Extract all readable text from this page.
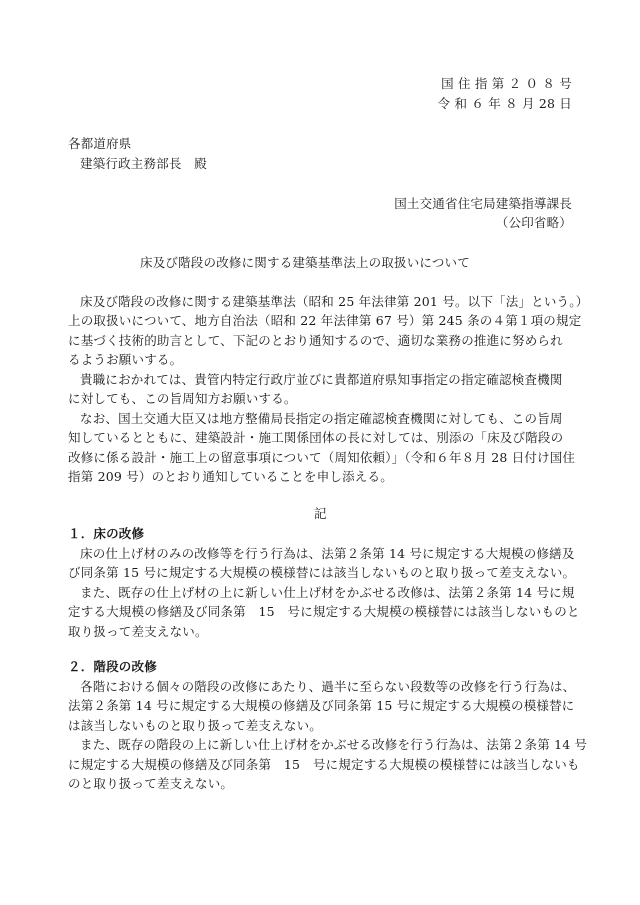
国 住 指 第 ２ ０ ８ 号
令 和 ６ 年 ８ 月 28 日
各都道府県
建築行政主務部長　殿
国土交通省住宅局建築指導課長
（公印省略）
床及び階段の改修に関する建築基準法上の取扱いについて
床及び階段の改修に関する建築基準法（昭和 25 年法律第 201 号。以下「法」という。）
上の取扱いについて、地方自治法（昭和 22 年法律第 67 号）第 245 条の４第１項の規定
に基づく技術的助言として、下記のとおり通知するので、適切な業務の推進に努められ
るようお願いする。
貴職におかれては、貴管内特定行政庁並びに貴都道府県知事指定の指定確認検査機関
に対しても、この旨周知方お願いする。
なお、国土交通大臣又は地方整備局長指定の指定確認検査機関に対しても、この旨周
知しているとともに、建築設計・施工関係団体の長に対しては、別添の「床及び階段の
改修に係る設計・施工上の留意事項について（周知依頼）」（令和６年８月 28 日付け国住
指第 209 号）のとおり通知していることを申し添える。
記
１．床の改修
床の仕上げ材のみの改修等を行う行為は、法第２条第 14 号に規定する大規模の修繕及
び同条第 15 号に規定する大規模の模様替には該当しないものと取り扱って差支えない。
また、既存の仕上げ材の上に新しい仕上げ材をかぶせる改修は、法第２条第 14 号に規
定する大規模の修繕及び同条第　15　号に規定する大規模の模様替には該当しないものと
取り扱って差支えない。
２．階段の改修
各階における個々の階段の改修にあたり、過半に至らない段数等の改修を行う行為は、
法第２条第 14 号に規定する大規模の修繕及び同条第 15 号に規定する大規模の模様替に
は該当しないものと取り扱って差支えない。
また、既存の階段の上に新しい仕上げ材をかぶせる改修を行う行為は、法第２条第 14 号
に規定する大規模の修繕及び同条第　15　号に規定する大規模の模様替には該当しないも
のと取り扱って差支えない。
